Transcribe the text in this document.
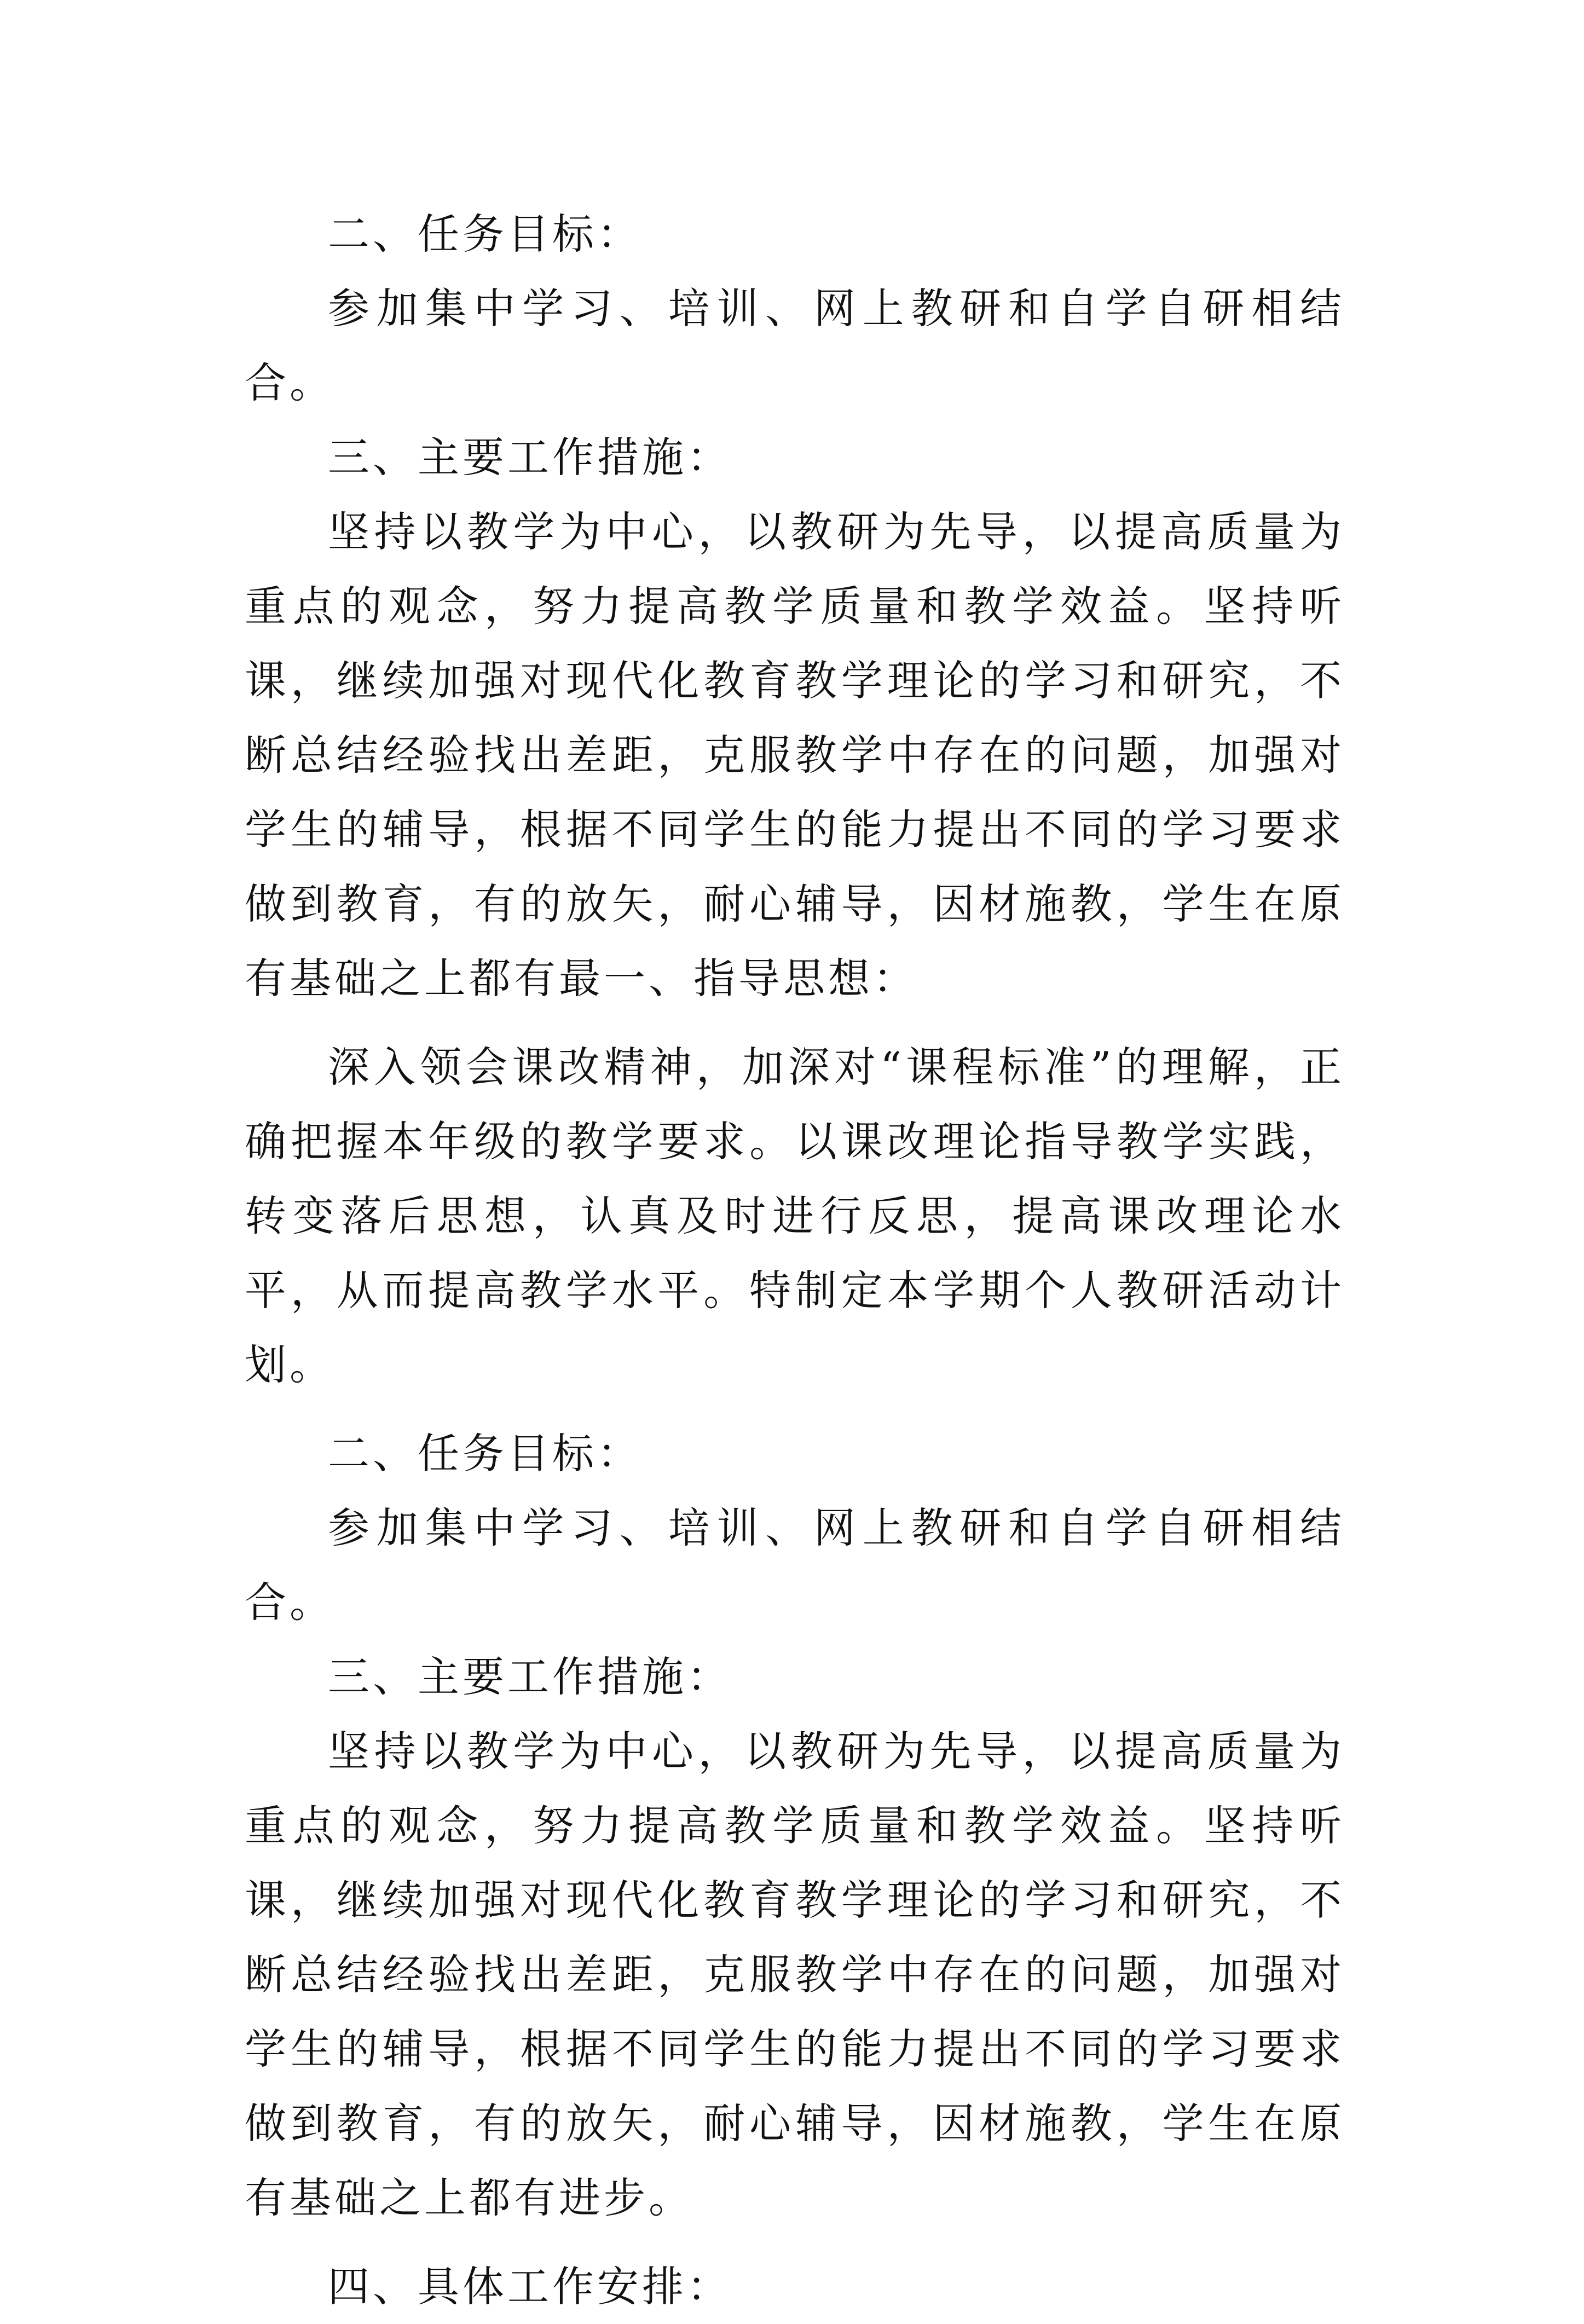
二、任务目标：

参加集中学习、培训、网上教研和自学自研相结合。

三、主要工作措施：

坚持以教学为中心，以教研为先导，以提高质量为重点的观念，努力提高教学质量和教学效益。坚持听课，继续加强对现代化教育教学理论的学习和研究，不断总结经验找出差距，克服教学中存在的问题，加强对学生的辅导，根据不同学生的能力提出不同的学习要求做到教育，有的放矢，耐心辅导，因材施教，学生在原有基础之上都有最一、指导思想：

深入领会课改精神，加深对“课程标准”的理解，正确把握本年级的教学要求。以课改理论指导教学实践，转变落后思想，认真及时进行反思，提高课改理论水平，从而提高教学水平。特制定本学期个人教研活动计划。

二、任务目标：

参加集中学习、培训、网上教研和自学自研相结合。

三、主要工作措施：

坚持以教学为中心，以教研为先导，以提高质量为重点的观念，努力提高教学质量和教学效益。坚持听课，继续加强对现代化教育教学理论的学习和研究，不断总结经验找出差距，克服教学中存在的问题，加强对学生的辅导，根据不同学生的能力提出不同的学习要求做到教育，有的放矢，耐心辅导，因材施教，学生在原有基础之上都有进步。

四、具体工作安排：
